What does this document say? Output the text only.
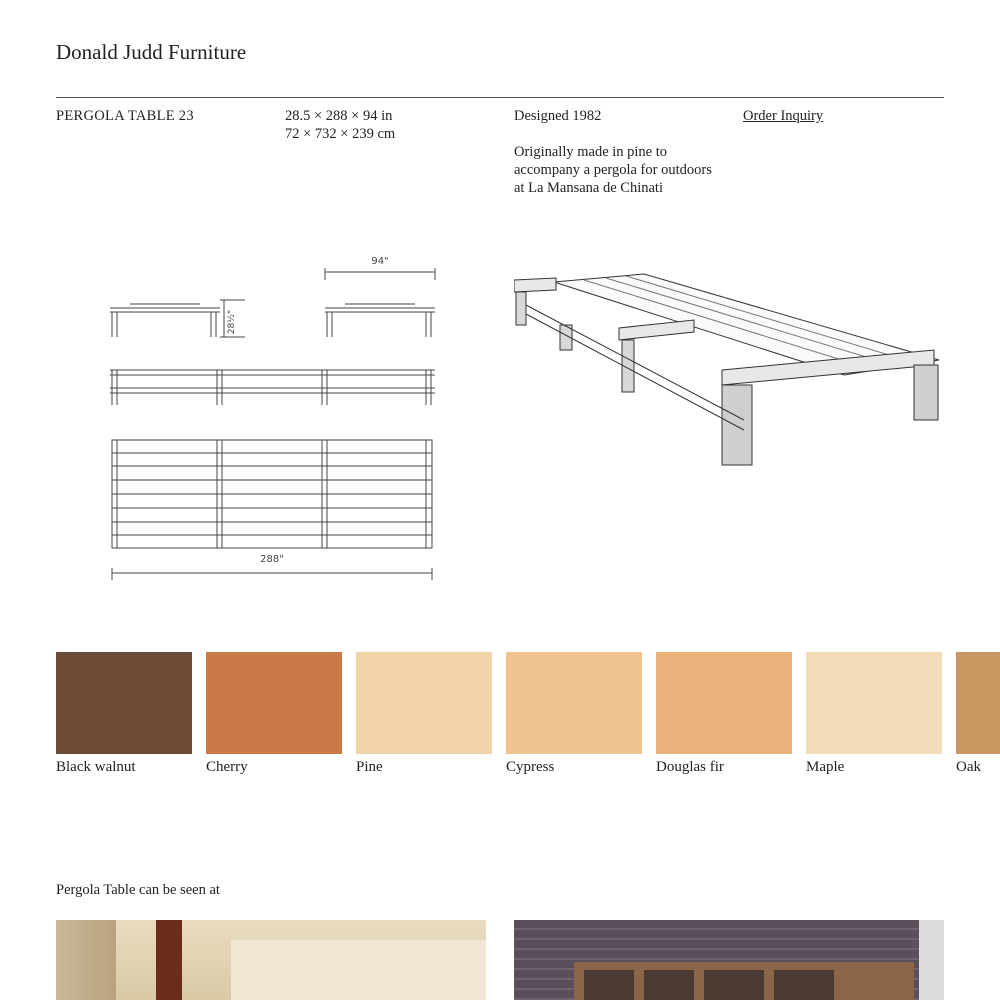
Donald Judd Furniture
PERGOLA TABLE 23	28.5 × 288 × 94 in
72 × 732 × 239 cm
Designed 1982	Order Inquiry
Originally made in pine to accompany a pergola for outdoors at La Mansana de Chinati
94"
28½"
288"
Black walnut	Cherry	Pine	Cypress	Douglas fir	Maple	Oak
Pergola Table can be seen at
